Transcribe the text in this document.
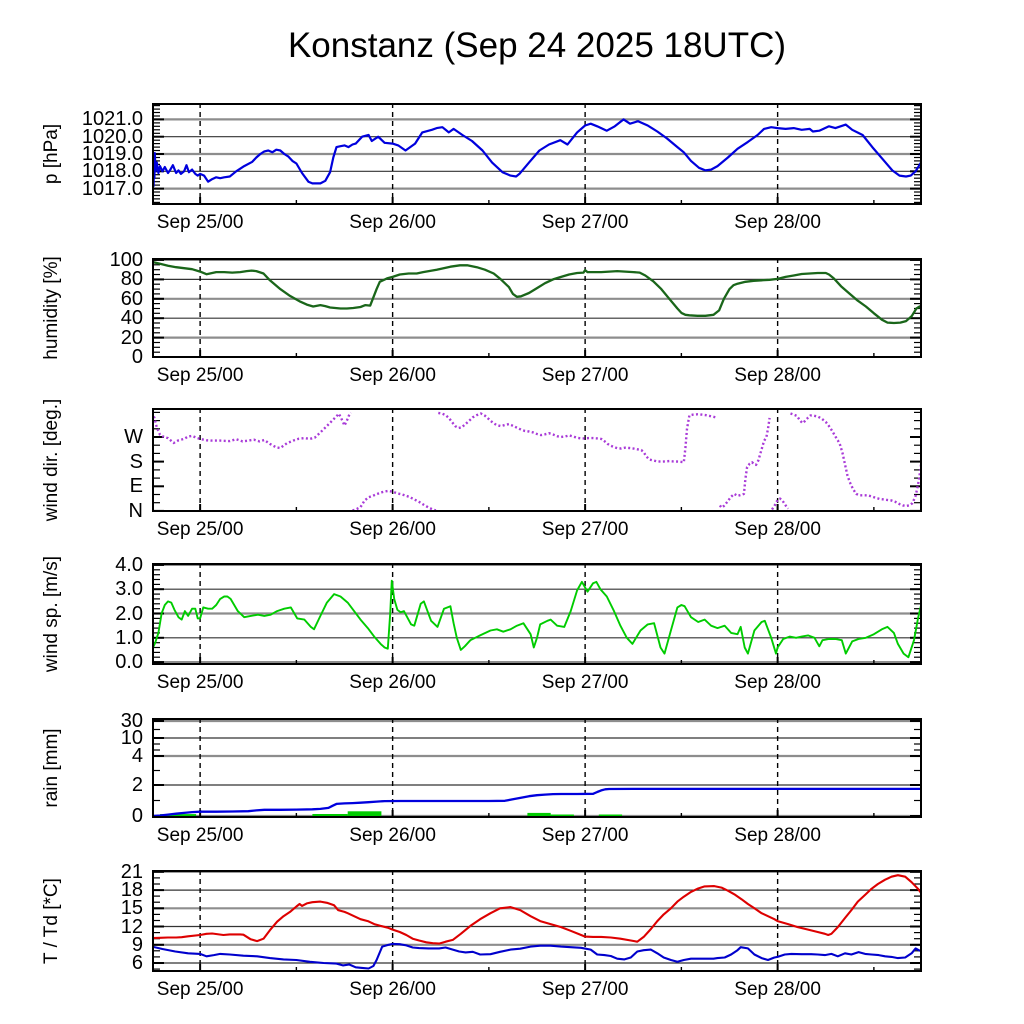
Konstanz (Sep 24 2025 18UTC)
1021.0
1020.0
1019.0
1018.0
1017.0
p [hPa]
Sep 25/00	Sep 26/00	Sep 27/00	Sep 28/00
100
80
60
40
20
0
humidity [%]
Sep 25/00	Sep 26/00	Sep 27/00	Sep 28/00
W
S
E
N
wind dir. [deg.]
Sep 25/00	Sep 26/00	Sep 27/00	Sep 28/00
4.0
3.0
2.0
1.0
0.0
wind sp. [m/s]
Sep 25/00	Sep 26/00	Sep 27/00	Sep 28/00
30
10
4
2
0
rain [mm]
Sep 25/00	Sep 26/00	Sep 27/00	Sep 28/00
21
18
15
12
9
6
T / Td [*C]
Sep 25/00	Sep 26/00	Sep 27/00	Sep 28/00
